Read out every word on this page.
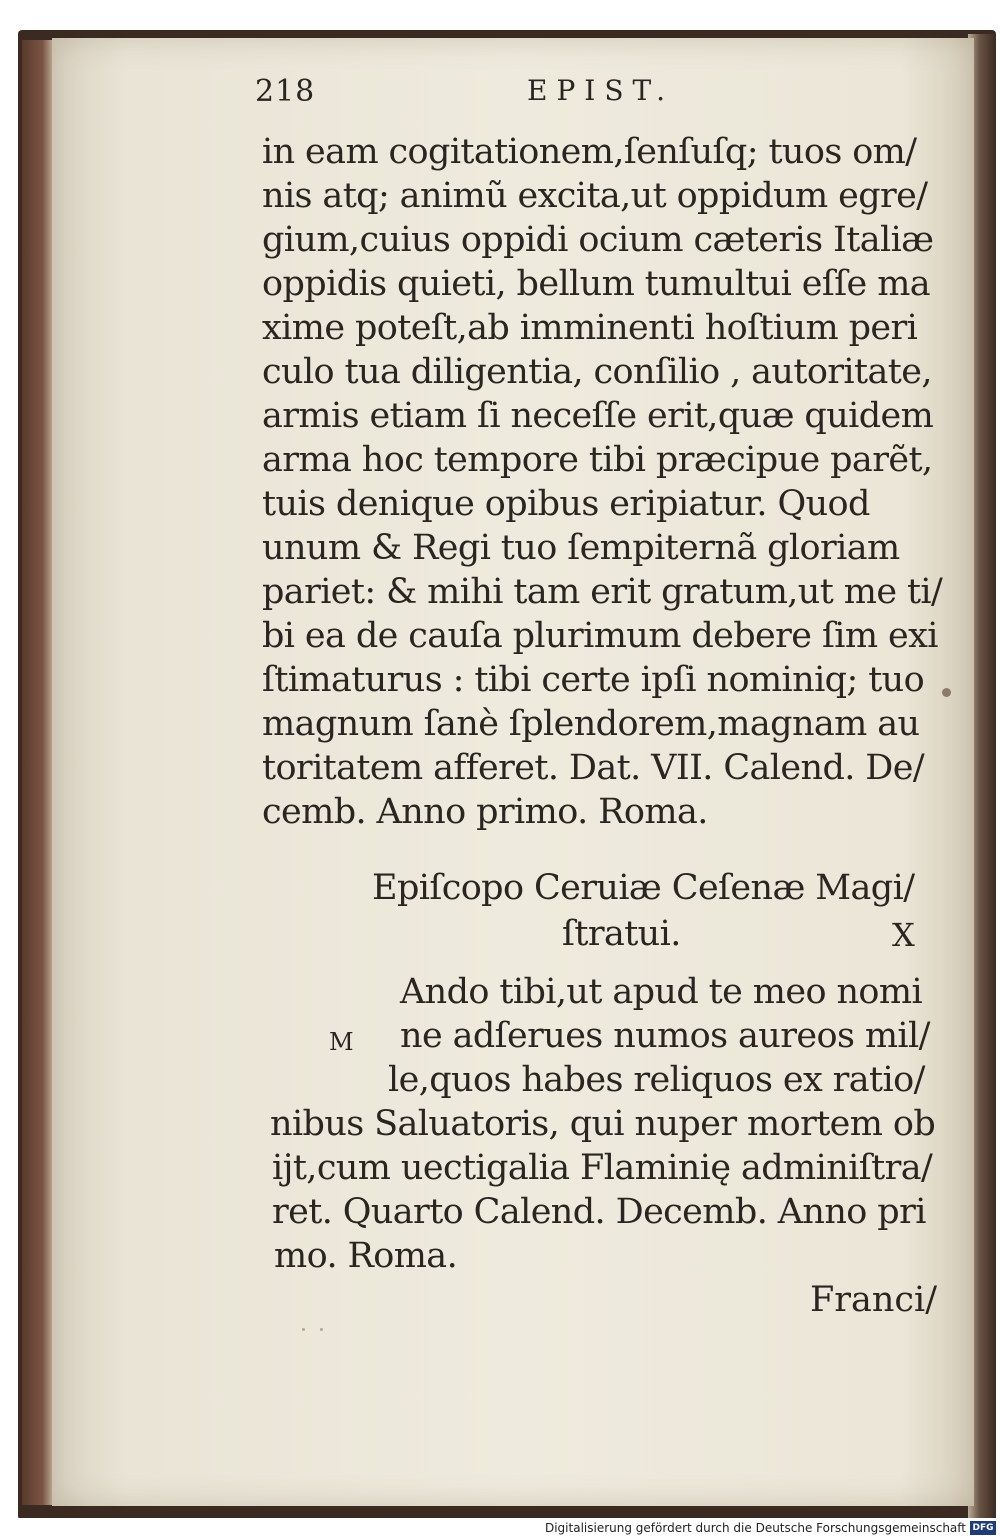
218	EPIST.
in eam cogitationem,ſenſuſq; tuos om/
nis atq; animũ excita,ut oppidum egre/
gium,cuius oppidi ocium cæteris Italiæ
oppidis quieti, bellum tumultui eſſe ma
xime poteſt,ab imminenti hoſtium peri
culo tua diligentia, conſilio , autoritate,
armis etiam ſi neceſſe erit,quæ quidem
arma hoc tempore tibi præcipue parẽt,
tuis denique opibus eripiatur. Quod
unum & Regi tuo ſempiternã gloriam
pariet: & mihi tam erit gratum,ut me ti/
bi ea de cauſa plurimum debere ſim exi
ſtimaturus : tibi certe ipſi nominiq; tuo
magnum ſanè ſplendorem,magnam au
toritatem afferet. Dat. VII. Calend. De/
cemb. Anno primo. Roma.
Epiſcopo Ceruiæ Ceſenæ Magi/
ſtratui.	X
M
Ando tibi,ut apud te meo nomi
ne adſerues numos aureos mil/
le,quos habes reliquos ex ratio/
nibus Saluatoris, qui nuper mortem ob
ijt,cum uectigalia Flaminię adminiſtra/
ret. Quarto Calend. Decemb. Anno pri
mo. Roma.
Franci/
Digitalisierung gefördert durch die Deutsche Forschungsgemeinschaft DFG
